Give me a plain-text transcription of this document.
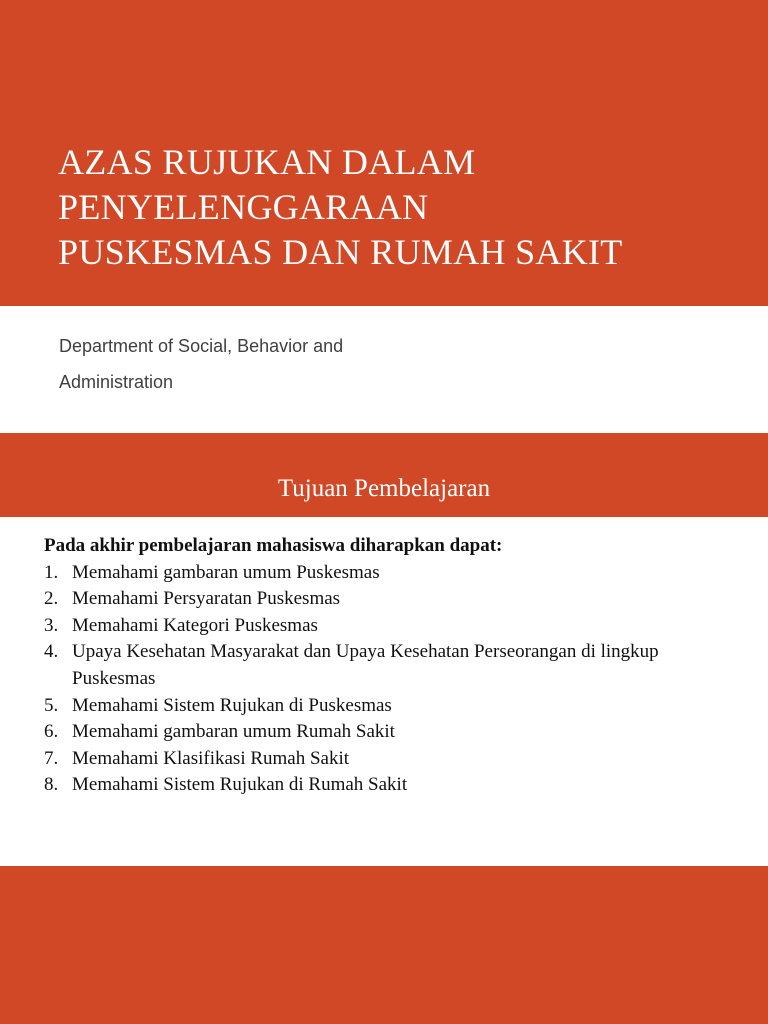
AZAS RUJUKAN DALAM
PENYELENGGARAAN
PUSKESMAS DAN RUMAH SAKIT
Department of Social, Behavior and
Administration
Tujuan Pembelajaran
Pada akhir pembelajaran mahasiswa diharapkan dapat:
1. Memahami gambaran umum Puskesmas
2. Memahami Persyaratan Puskesmas
3. Memahami Kategori Puskesmas
4. Upaya Kesehatan Masyarakat dan Upaya Kesehatan Perseorangan di lingkup Puskesmas
5. Memahami Sistem Rujukan di Puskesmas
6. Memahami gambaran umum Rumah Sakit
7. Memahami Klasifikasi Rumah Sakit
8. Memahami Sistem Rujukan di Rumah Sakit
